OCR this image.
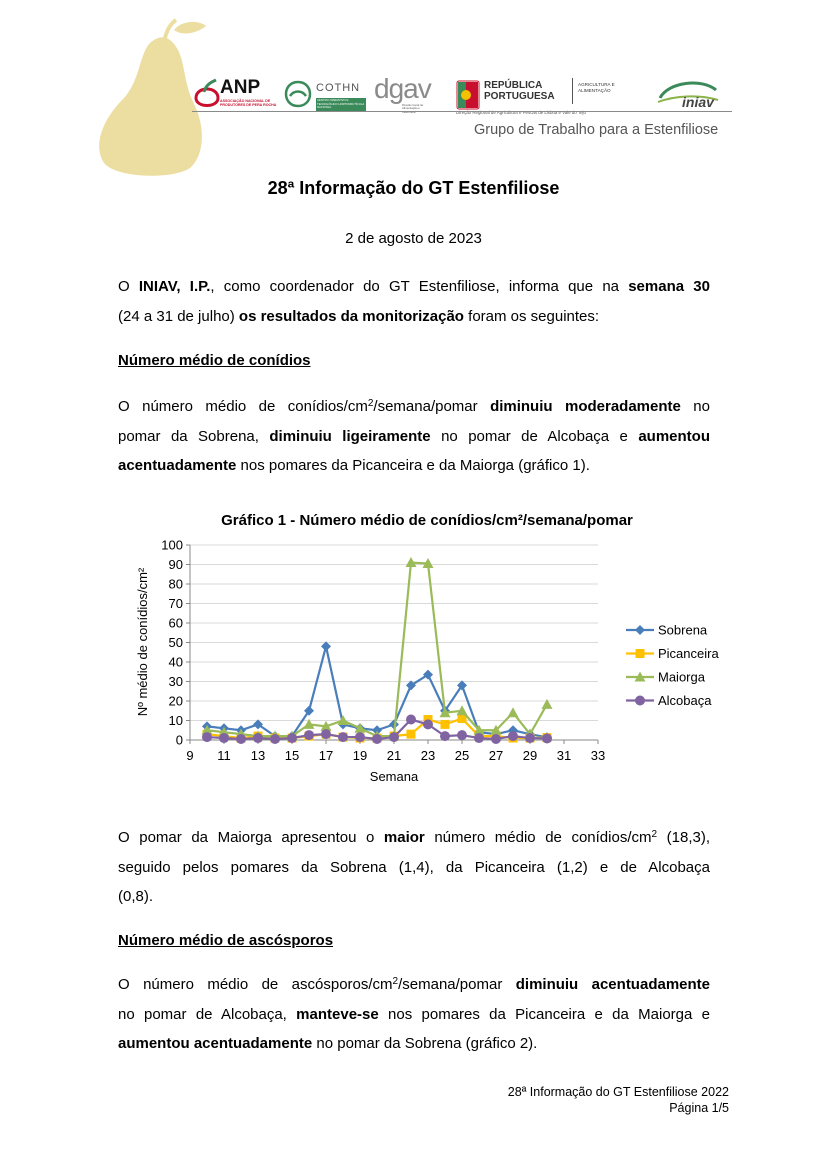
ANP
ASSOCIAÇÃO NACIONAL DE PRODUTORES DE PERA ROCHA
COTHN
CENTRO OPERATIVO E TECNOLÓGICO HORTOFRUTÍCOLA NACIONAL
dgav
Direção Geral de Alimentação e Veterinária
REPÚBLICA PORTUGUESA
AGRICULTURA E ALIMENTAÇÃO
Direção Regional de Agricultura e Pescas de Lisboa e Vale do Tejo
iniav
Grupo de Trabalho para a Estenfiliose
28ª Informação do GT Estenfiliose
2 de agosto de 2023
O INIAV, I.P., como coordenador do GT Estenfiliose, informa que na semana 30
(24 a 31 de julho) os resultados da monitorização foram os seguintes:
Número médio de conídios
O número médio de conídios/$cm^2/semana$/pomar diminuiu moderadamente no
pomar da Sobrena, diminuiu ligeiramente no pomar de Alcobaça e aumentou
acentuadamente nos pomares da Picanceira e da Maiorga (gráfico 1).
Gráfico 1 - Número médio de conídios/cm²/semana/pomar
0
10
20
30
40
50
60
70
80
90
100
9 11 13 15 17 19 21 23 25 27 29 31 33
Semana
Nº médio de conídios/cm²	Sobrena
Picanceira
Maiorga
Alcobaça
O pomar da Maiorga apresentou o maior número médio de conídios/$cm^2$ (18,3),
seguido pelos pomares da Sobrena (1,4), da Picanceira (1,2) e de Alcobaça
(0,8).
Número médio de ascósporos
O número médio de ascósporos/$cm^2/semana$/pomar diminuiu acentuadamente
no pomar de Alcobaça, manteve-se nos pomares da Picanceira e da Maiorga e
aumentou acentuadamente no pomar da Sobrena (gráfico 2).
28ª Informação do GT Estenfiliose 2022
Página 1/5
